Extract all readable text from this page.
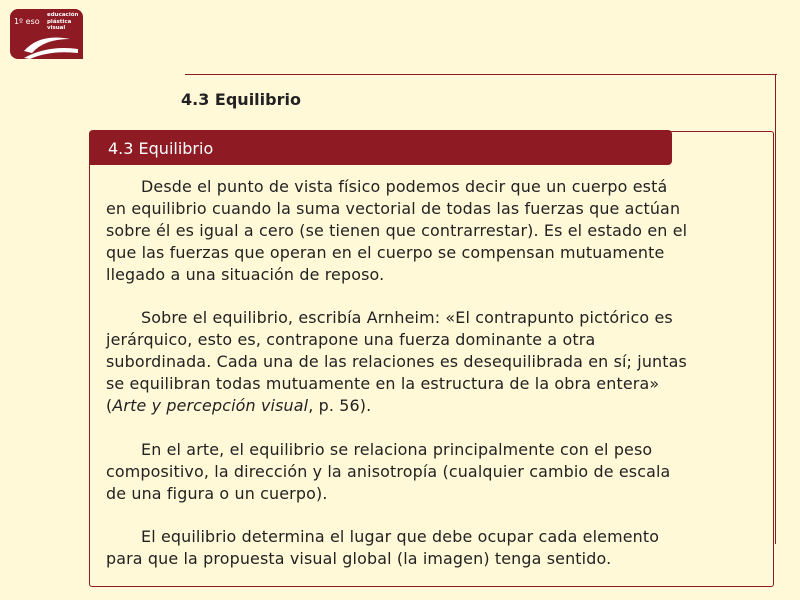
1º eso
educación
plástica
visual
4.3 Equilibrio
4.3 Equilibrio

Desde el punto de vista físico podemos decir que un cuerpo está
en equilibrio cuando la suma vectorial de todas las fuerzas que actúan
sobre él es igual a cero (se tienen que contrarrestar). Es el estado en el
que las fuerzas que operan en el cuerpo se compensan mutuamente
llegado a una situación de reposo.

Sobre el equilibrio, escribía Arnheim: «El contrapunto pictórico es
jerárquico, esto es, contrapone una fuerza dominante a otra
subordinada. Cada una de las relaciones es desequilibrada en sí; juntas
se equilibran todas mutuamente en la estructura de la obra entera»
(Arte y percepción visual, p. 56).

En el arte, el equilibrio se relaciona principalmente con el peso
compositivo, la dirección y la anisotropía (cualquier cambio de escala
de una figura o un cuerpo).

El equilibrio determina el lugar que debe ocupar cada elemento
para que la propuesta visual global (la imagen) tenga sentido.
